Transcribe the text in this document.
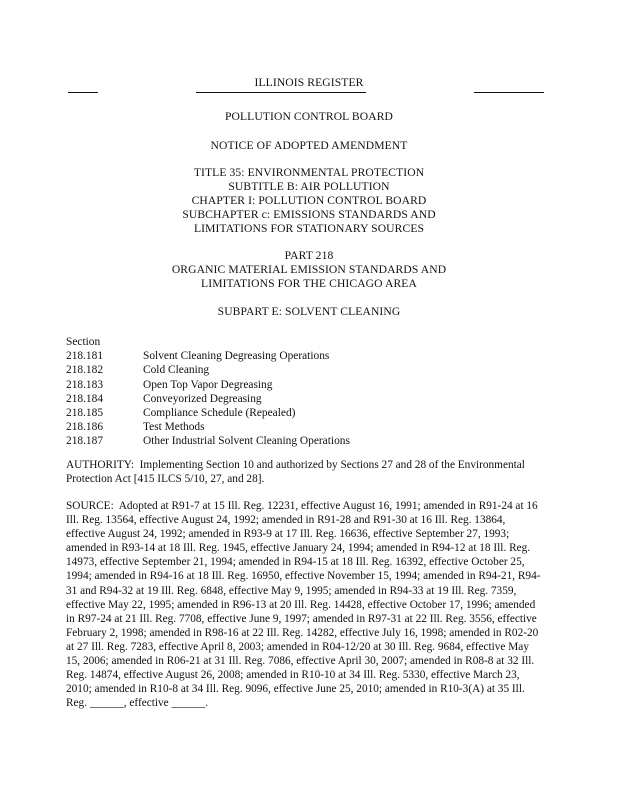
ILLINOIS REGISTER
POLLUTION CONTROL BOARD
NOTICE OF ADOPTED AMENDMENT
TITLE 35: ENVIRONMENTAL PROTECTION
SUBTITLE B: AIR POLLUTION
CHAPTER I: POLLUTION CONTROL BOARD
SUBCHAPTER c: EMISSIONS STANDARDS AND
LIMITATIONS FOR STATIONARY SOURCES
PART 218
ORGANIC MATERIAL EMISSION STANDARDS AND
LIMITATIONS FOR THE CHICAGO AREA
SUBPART E: SOLVENT CLEANING
Section
218.181	Solvent Cleaning Degreasing Operations
218.182	Cold Cleaning
218.183	Open Top Vapor Degreasing
218.184	Conveyorized Degreasing
218.185	Compliance Schedule (Repealed)
218.186	Test Methods
218.187	Other Industrial Solvent Cleaning Operations
AUTHORITY: Implementing Section 10 and authorized by Sections 27 and 28 of the Environmental Protection Act [415 ILCS 5/10, 27, and 28].
SOURCE: Adopted at R91-7 at 15 Ill. Reg. 12231, effective August 16, 1991; amended in R91-24 at 16 Ill. Reg. 13564, effective August 24, 1992; amended in R91-28 and R91-30 at 16 Ill. Reg. 13864, effective August 24, 1992; amended in R93-9 at 17 Ill. Reg. 16636, effective September 27, 1993; amended in R93-14 at 18 Ill. Reg. 1945, effective January 24, 1994; amended in R94-12 at 18 Ill. Reg. 14973, effective September 21, 1994; amended in R94-15 at 18 Ill. Reg. 16392, effective October 25, 1994; amended in R94-16 at 18 Ill. Reg. 16950, effective November 15, 1994; amended in R94-21, R94-31 and R94-32 at 19 Ill. Reg. 6848, effective May 9, 1995; amended in R94-33 at 19 Ill. Reg. 7359, effective May 22, 1995; amended in R96-13 at 20 Ill. Reg. 14428, effective October 17, 1996; amended in R97-24 at 21 Ill. Reg. 7708, effective June 9, 1997; amended in R97-31 at 22 Ill. Reg. 3556, effective February 2, 1998; amended in R98-16 at 22 Ill. Reg. 14282, effective July 16, 1998; amended in R02-20 at 27 Ill. Reg. 7283, effective April 8, 2003; amended in R04-12/20 at 30 Ill. Reg. 9684, effective May 15, 2006; amended in R06-21 at 31 Ill. Reg. 7086, effective April 30, 2007; amended in R08-8 at 32 Ill. Reg. 14874, effective August 26, 2008; amended in R10-10 at 34 Ill. Reg. 5330, effective March 23, 2010; amended in R10-8 at 34 Ill. Reg. 9096, effective June 25, 2010; amended in R10-3(A) at 35 Ill. Reg. ______, effective ______.
